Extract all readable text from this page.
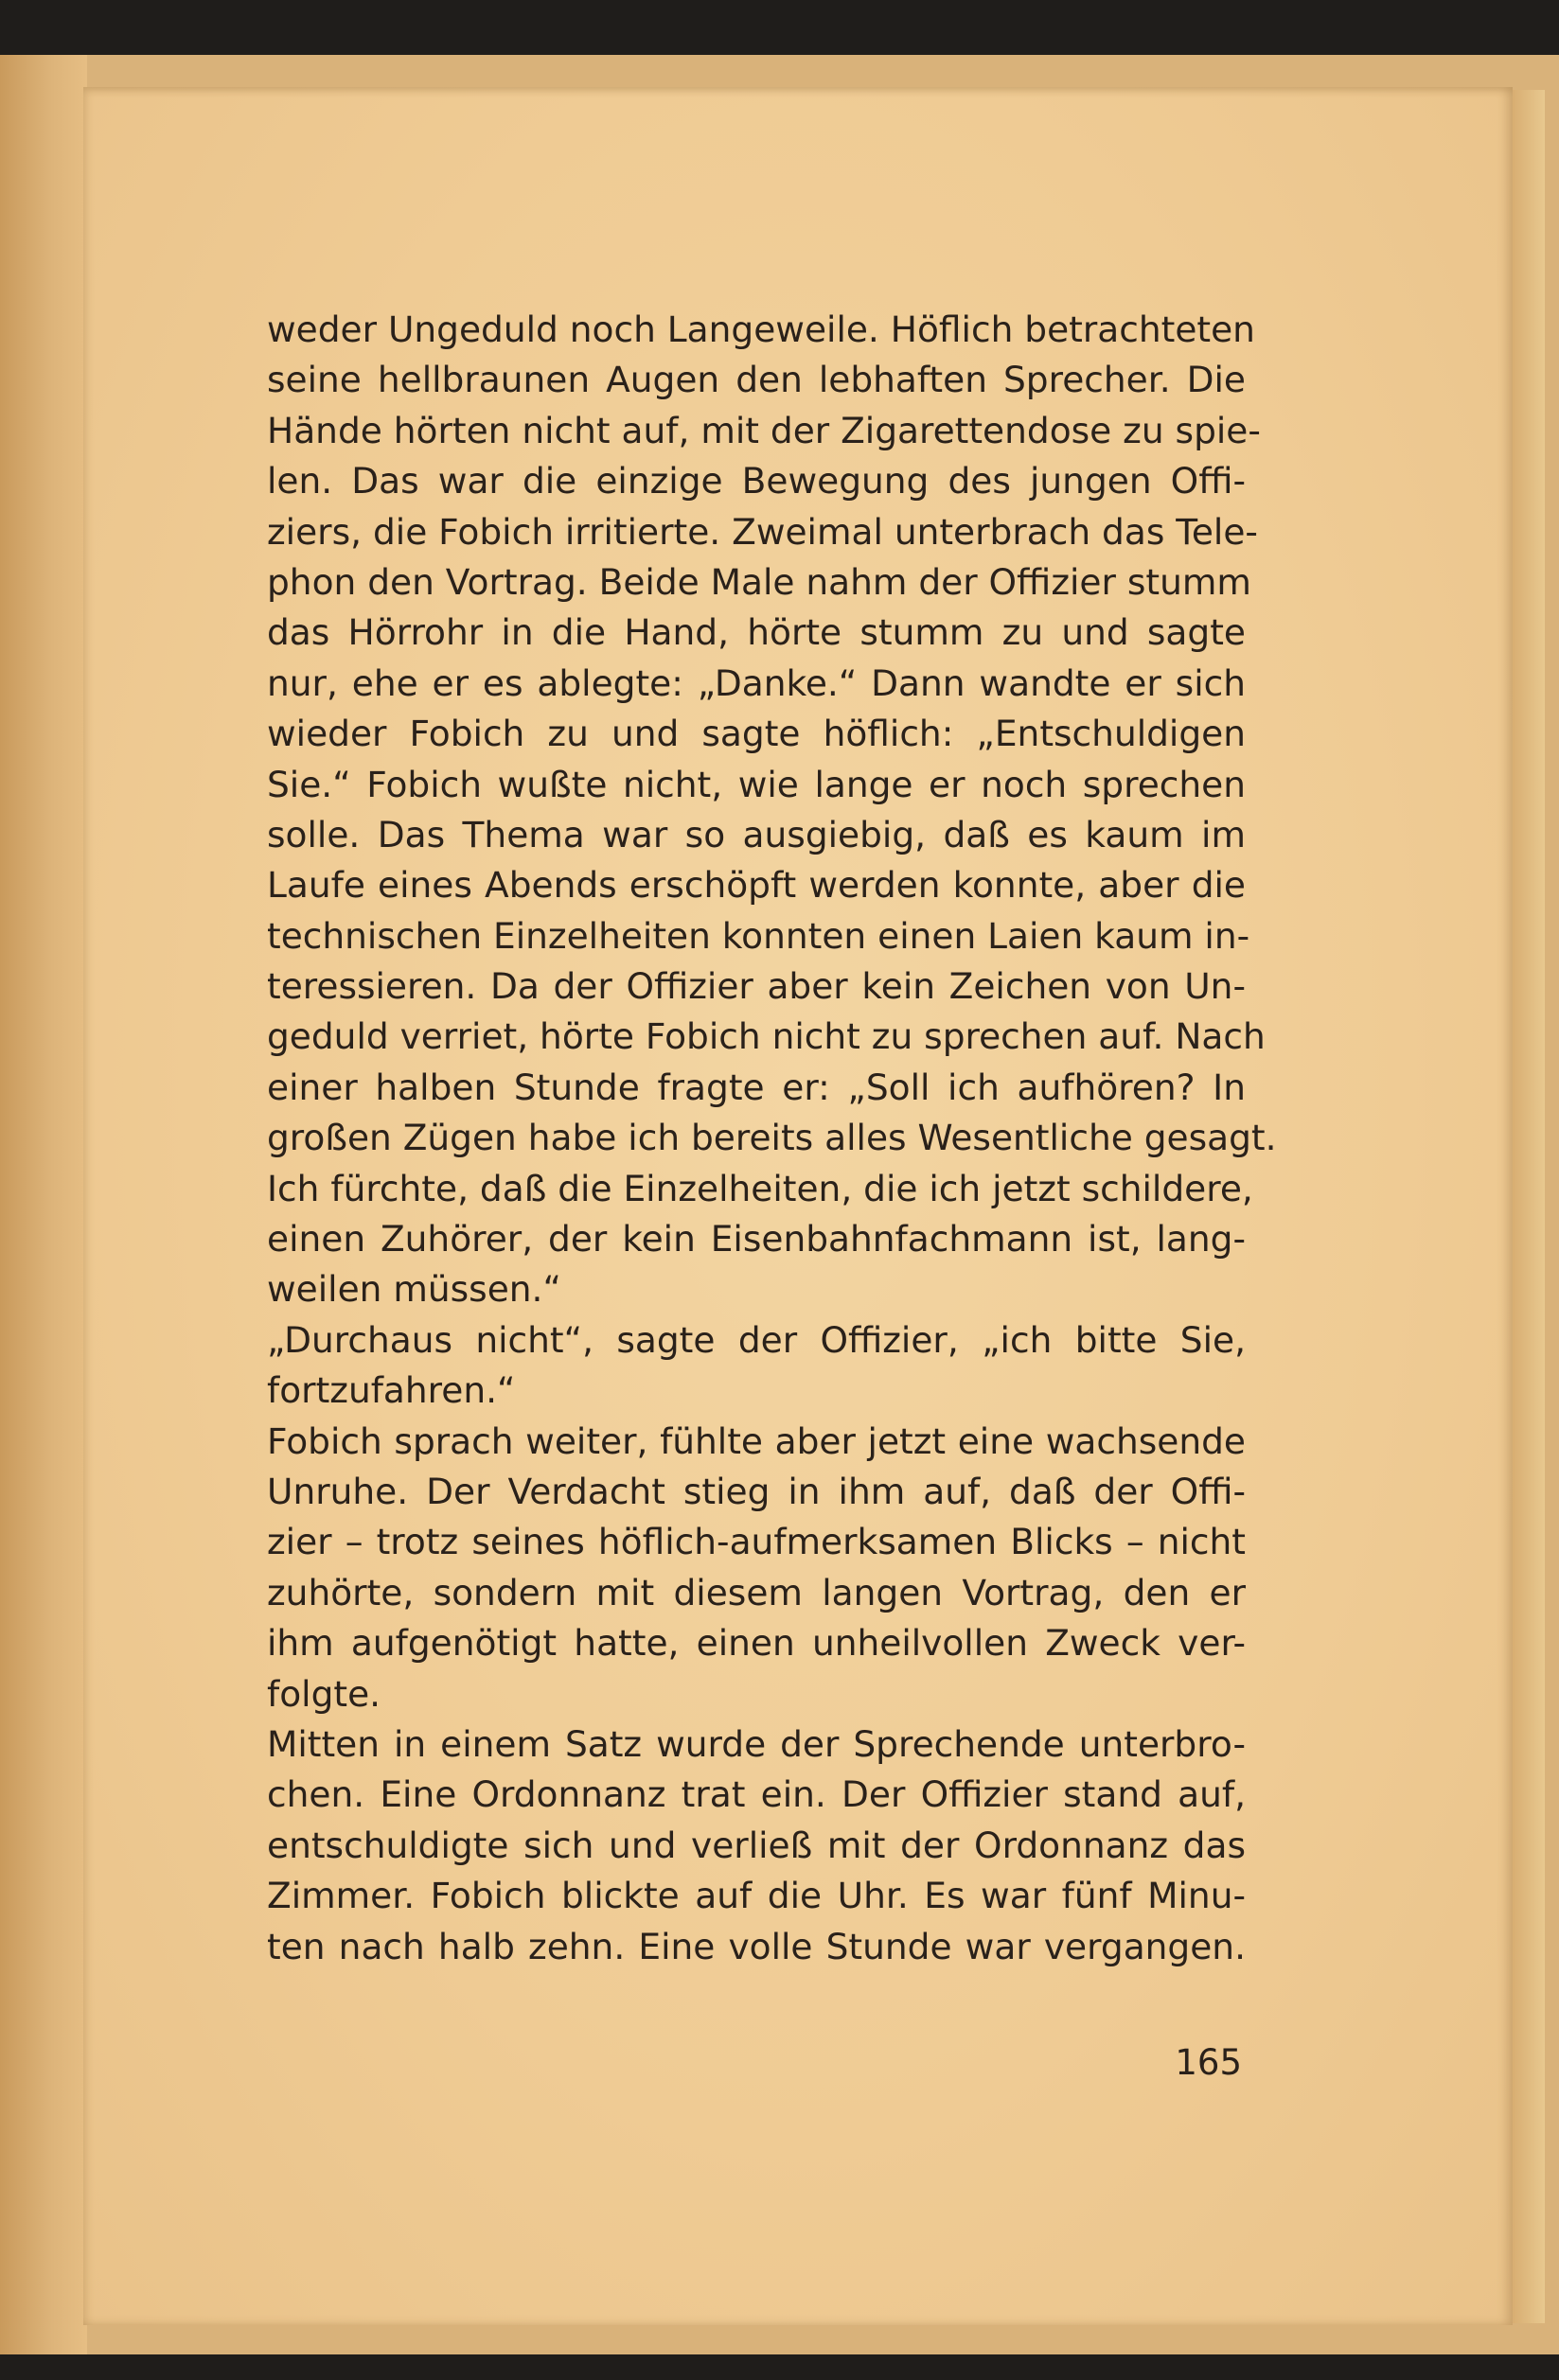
weder Ungeduld noch Langeweile. Höflich betrachteten
seine hellbraunen Augen den lebhaften Sprecher. Die
Hände hörten nicht auf, mit der Zigarettendose zu spie-
len. Das war die einzige Bewegung des jungen Offi-
ziers, die Fobich irritierte. Zweimal unterbrach das Tele-
phon den Vortrag. Beide Male nahm der Offizier stumm
das Hörrohr in die Hand, hörte stumm zu und sagte
nur, ehe er es ablegte: „Danke.“ Dann wandte er sich
wieder Fobich zu und sagte höflich: „Entschuldigen
Sie.“ Fobich wußte nicht, wie lange er noch sprechen
solle. Das Thema war so ausgiebig, daß es kaum im
Laufe eines Abends erschöpft werden konnte, aber die
technischen Einzelheiten konnten einen Laien kaum in-
teressieren. Da der Offizier aber kein Zeichen von Un-
geduld verriet, hörte Fobich nicht zu sprechen auf. Nach
einer halben Stunde fragte er: „Soll ich aufhören? In
großen Zügen habe ich bereits alles Wesentliche gesagt.
Ich fürchte, daß die Einzelheiten, die ich jetzt schildere,
einen Zuhörer, der kein Eisenbahnfachmann ist, lang-
weilen müssen.“
„Durchaus nicht“, sagte der Offizier, „ich bitte Sie,
fortzufahren.“
Fobich sprach weiter, fühlte aber jetzt eine wachsende
Unruhe. Der Verdacht stieg in ihm auf, daß der Offi-
zier – trotz seines höflich-aufmerksamen Blicks – nicht
zuhörte, sondern mit diesem langen Vortrag, den er
ihm aufgenötigt hatte, einen unheilvollen Zweck ver-
folgte.
Mitten in einem Satz wurde der Sprechende unterbro-
chen. Eine Ordonnanz trat ein. Der Offizier stand auf,
entschuldigte sich und verließ mit der Ordonnanz das
Zimmer. Fobich blickte auf die Uhr. Es war fünf Minu-
ten nach halb zehn. Eine volle Stunde war vergangen.
165
